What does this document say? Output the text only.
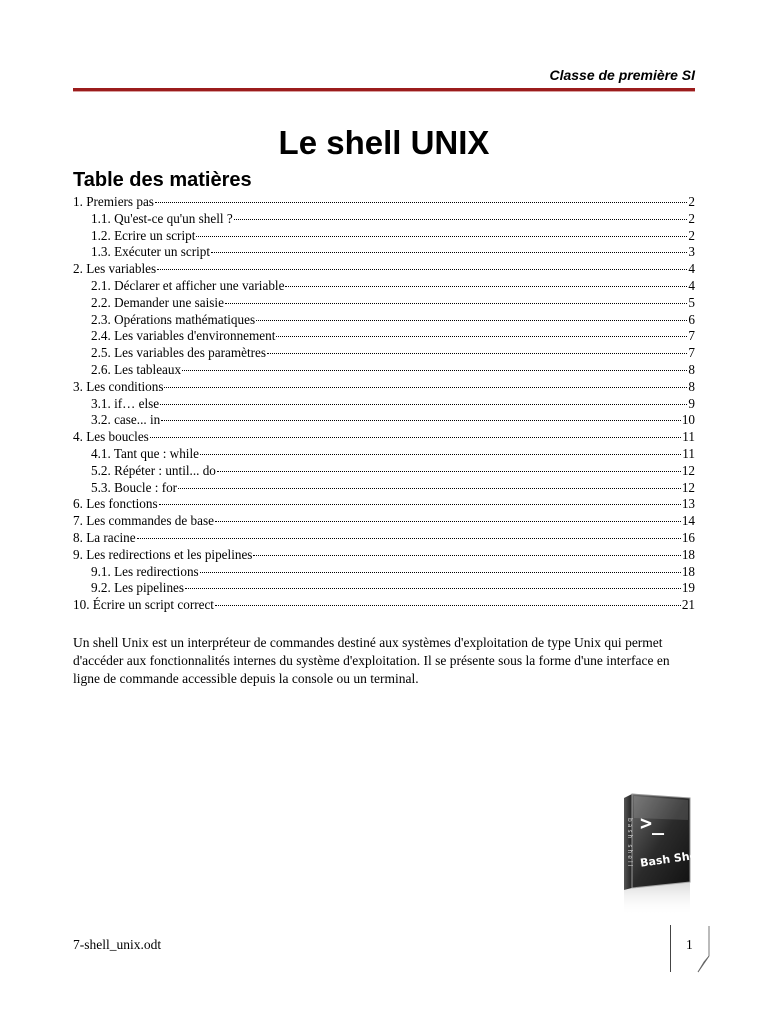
Classe de première SI
Le shell UNIX
Table des matières
1. Premiers pas	2
1.1. Qu'est-ce qu'un shell ?	2
1.2. Ecrire un script	2
1.3. Exécuter un script	3
2. Les variables	4
2.1. Déclarer et afficher une variable	4
2.2. Demander une saisie	5
2.3. Opérations mathématiques	6
2.4. Les variables d'environnement	7
2.5. Les variables des paramètres	7
2.6. Les tableaux	8
3. Les conditions	8
3.1. if… else	9
3.2. case... in	10
4. Les boucles	11
4.1. Tant que : while	11
5.2. Répéter : until... do	12
5.3. Boucle : for	12
6. Les fonctions	13
7. Les commandes de base	14
8. La racine	16
9. Les redirections et les pipelines	18
9.1. Les redirections	18
9.2. Les pipelines	19
10. Écrire un script correct	21

Un shell Unix est un interpréteur de commandes destiné aux systèmes d'exploitation de type Unix qui permet d'accéder aux fonctionnalités internes du système d'exploitation. Il se présente sous la forme d'une interface en ligne de commande accessible depuis la console ou un terminal.

bash shell >_
Bash Shell
7-shell_unix.odt	1
